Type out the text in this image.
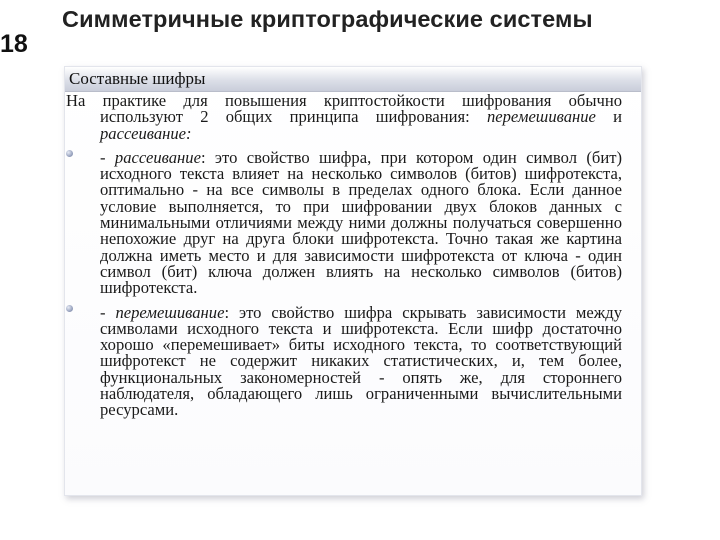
18
Симметричные криптографические системы
Составные шифры

На практике для повышения криптостойкости шифрования обычно используют 2 общих принципа шифрования: перемешивание и рассеивание:

- рассеивание: это свойство шифра, при котором один символ (бит) исходного текста влияет на несколько символов (битов) шифротекста, оптимально - на все символы в пределах одного блока. Если данное условие выполняется, то при шифровании двух блоков данных с минимальными отличиями между ними должны получаться совершенно непохожие друг на друга блоки шифротекста. Точно такая же картина должна иметь место и для зависимости шифротекста от ключа - один символ (бит) ключа должен влиять на несколько символов (битов) шифротекста.

- перемешивание: это свойство шифра скрывать зависимости между символами исходного текста и шифротекста. Если шифр достаточно хорошо «перемешивает» биты исходного текста, то соответствующий шифротекст не содержит никаких статистических, и, тем более, функциональных закономерностей - опять же, для стороннего наблюдателя, обладающего лишь ограниченными вычислительными ресурсами.
